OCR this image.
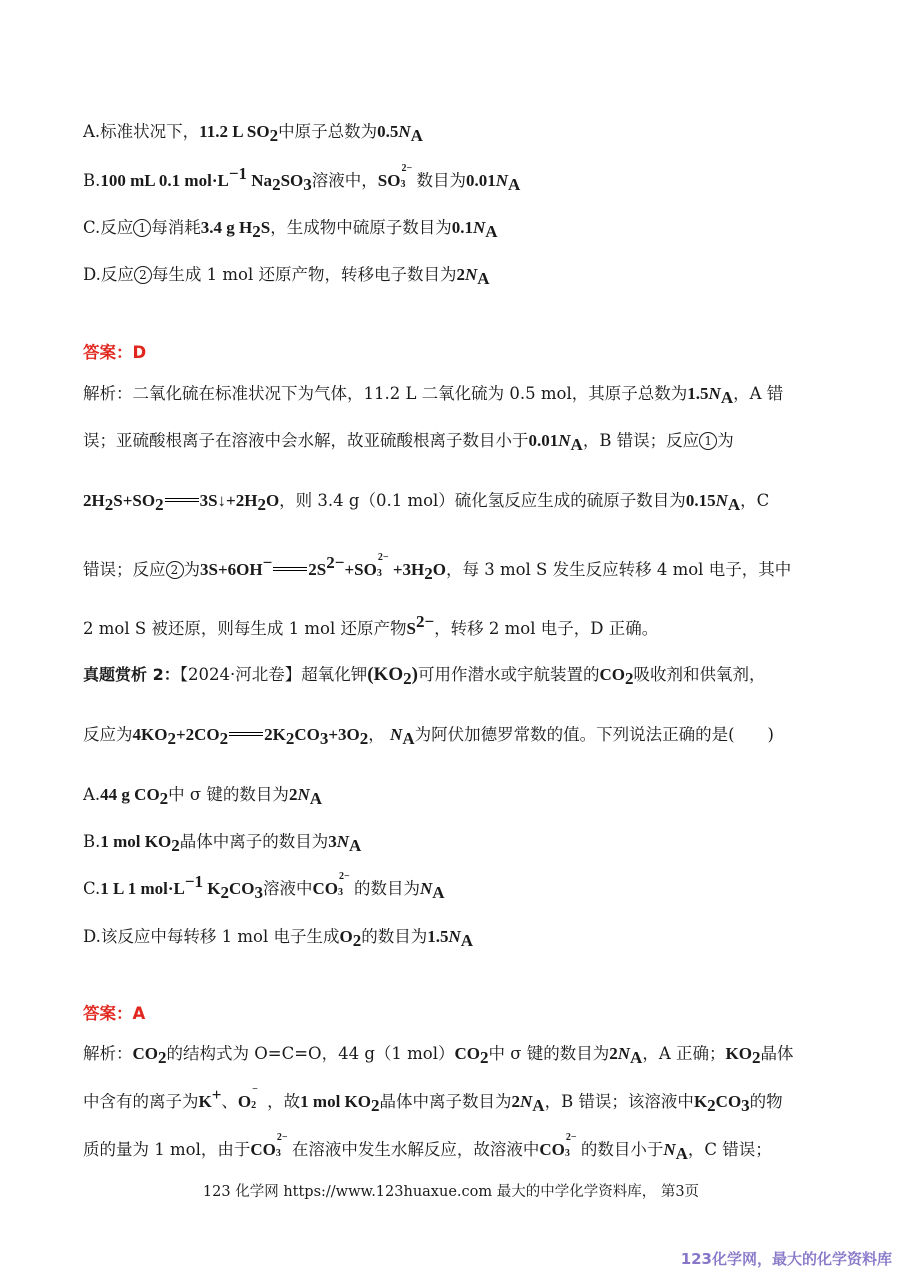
A.标准状况下，11.2 L $SO_2$中原子总数为$0.5N_A$
B.100 mL 0.1 $mol\cdot L^{-1}$ $Na_2SO_3$溶液中，SO
2−
3 数目为$0.01N_A$
C.反应 1 每消耗3.4 g $H_2S$，生成物中硫原子数目为$0.1N_A$
D.反应 2 每生成 1 mol 还原产物，转移电子数目为$2N_A$
答案：D
解析：二氧化硫在标准状况下为气体，11.2 L 二氧化硫为 0.5 mol，其原子总数为$1.5N_A$，A 错
误；亚硫酸根离子在溶液中会水解，故亚硫酸根离子数目小于$0.01N_A$，B 错误；反应 1 为
$2H_2S+SO_2$ $3S↓+2H_2O$，则 3.4 g（0.1 mol）硫化氢反应生成的硫原子数目为$0.15N_A$，C
错误；反应 2 为3S+6OH− $2S^{2-}+SO$
2−
$3 +3H_2O$，每 3 mol S 发生反应转移 4 mol 电子，其中
2 mol S 被还原，则每生成 1 mol 还原产物$S^{2-}$，转移 2 mol 电子，D 正确。
真题赏析 2：【2024·河北卷】超氧化钾$(KO_2)$可用作潜水或宇航装置的$CO_2$吸收剂和供氧剂，
反应为$4KO_2+2CO_2$ $2K_2CO_3+3O_2$， $N_A$为阿伏加德罗常数的值。下列说法正确的是(　　)
A.44 g $CO_2$中 σ 键的数目为$2N_A$
B.1 mol $KO_2$晶体中离子的数目为$3N_A$
C.1 L 1 $mol\cdot L^{-1}$ $K_2CO_3$溶液中CO
2−
3 的数目为$N_A$
D.该反应中每转移 1 mol 电子生成$O_2$的数目为$1.5N_A$
答案：A
解析：$CO_2$的结构式为 O=C=O，44 g（1 $mol)CO_2$中 σ 键的数目为$2N_A$，A 正确；$KO_2$晶体
中含有的离子为K+、O
−
2 ，故1 mol $KO_2$晶体中离子数目为$2N_A$，B 错误；该溶液中$K_2CO_3$的物
质的量为 1 mol，由于CO
2−
3 在溶液中发生水解反应，故溶液中CO
2−
3 的数目小于$N_A$，C 错误；
123 化学网 https://www.123huaxue.com 最大的中学化学资料库， 第3页
123化学网，最大的化学资料库
